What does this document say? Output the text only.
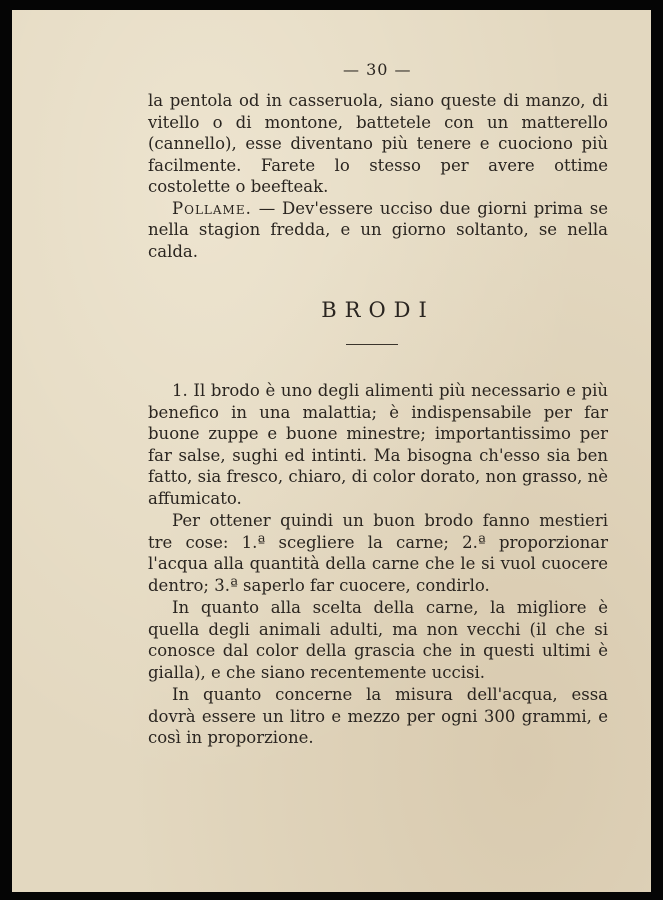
— 30 —

la pentola od in casseruola, siano queste di manzo, di vitello o di montone, battetele con un matterello (cannello), esse diventano più tenere e cuociono più facilmente. Farete lo stesso per avere ottime costolette o beefteak.

Pollame. — Dev'essere ucciso due giorni prima se nella stagion fredda, e un giorno soltanto, se nella calda.

BRODI

1. Il brodo è uno degli alimenti più necessario e più benefico in una malattia; è indispensabile per far buone zuppe e buone minestre; importantissimo per far salse, sughi ed intinti. Ma bisogna ch'esso sia ben fatto, sia fresco, chiaro, di color dorato, non grasso, nè affumicato.

Per ottener quindi un buon brodo fanno mestieri tre cose: 1.ª scegliere la carne; 2.ª proporzionar l'acqua alla quantità della carne che le si vuol cuocere dentro; 3.ª saperlo far cuocere, condirlo.

In quanto alla scelta della carne, la migliore è quella degli animali adulti, ma non vecchi (il che si conosce dal color della grascia che in questi ultimi è gialla), e che siano recentemente uccisi.

In quanto concerne la misura dell'acqua, essa dovrà essere un litro e mezzo per ogni 300 grammi, e così in proporzione.
